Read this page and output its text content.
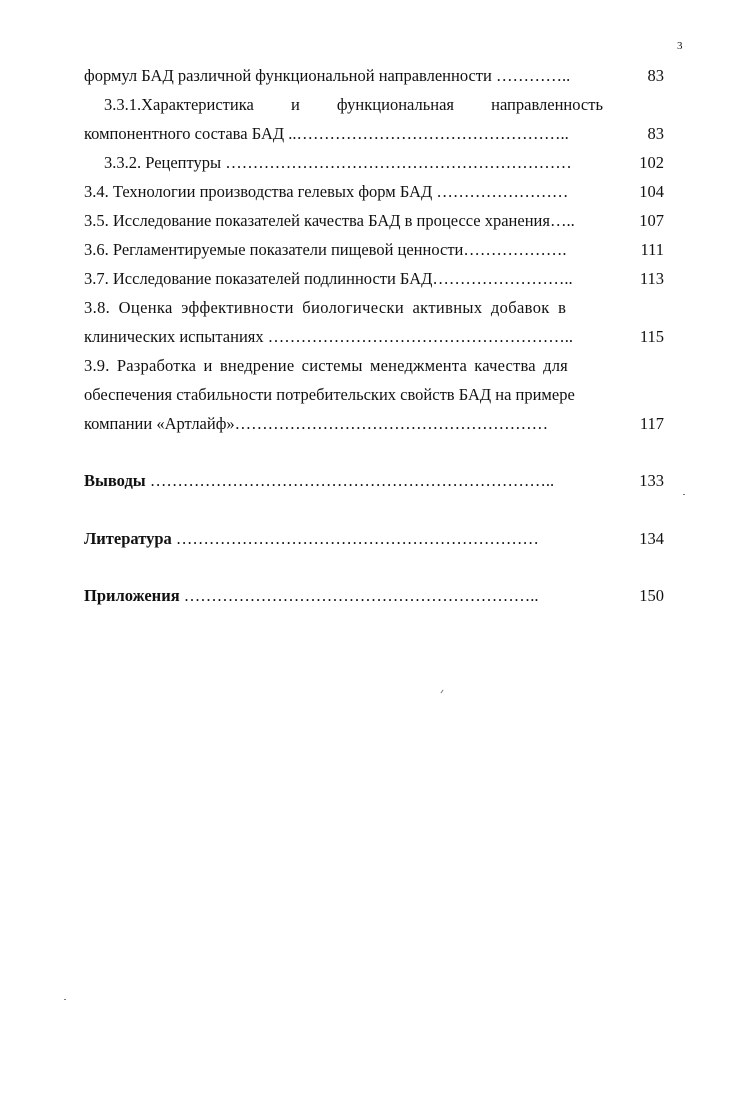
3
формул БАД различной функциональной направленности …………..	83
3.3.1.Характеристика и функциональная направленность
компонентного состава БАД ..…………………………………………..	83
3.3.2. Рецептуры ………………………………………………………	102
3.4. Технологии производства гелевых форм БАД ……………………	104
3.5. Исследование показателей качества БАД в процессе хранения…..	107
3.6. Регламентируемые показатели пищевой ценности……………….	111
3.7. Исследование показателей подлинности БАД……………………..	113
3.8. Оценка эффективности биологически активных добавок в
клинических испытаниях ………………………………………………..	115
3.9. Разработка и внедрение системы менеджмента качества для
обеспечения стабильности потребительских свойств БАД на примере
компании «Артлайф»…………………………………………………	117
Выводы ………………………………………………………………..	133
Литература …………………………………………………………	134
Приложения ………………………………………………………..	150
